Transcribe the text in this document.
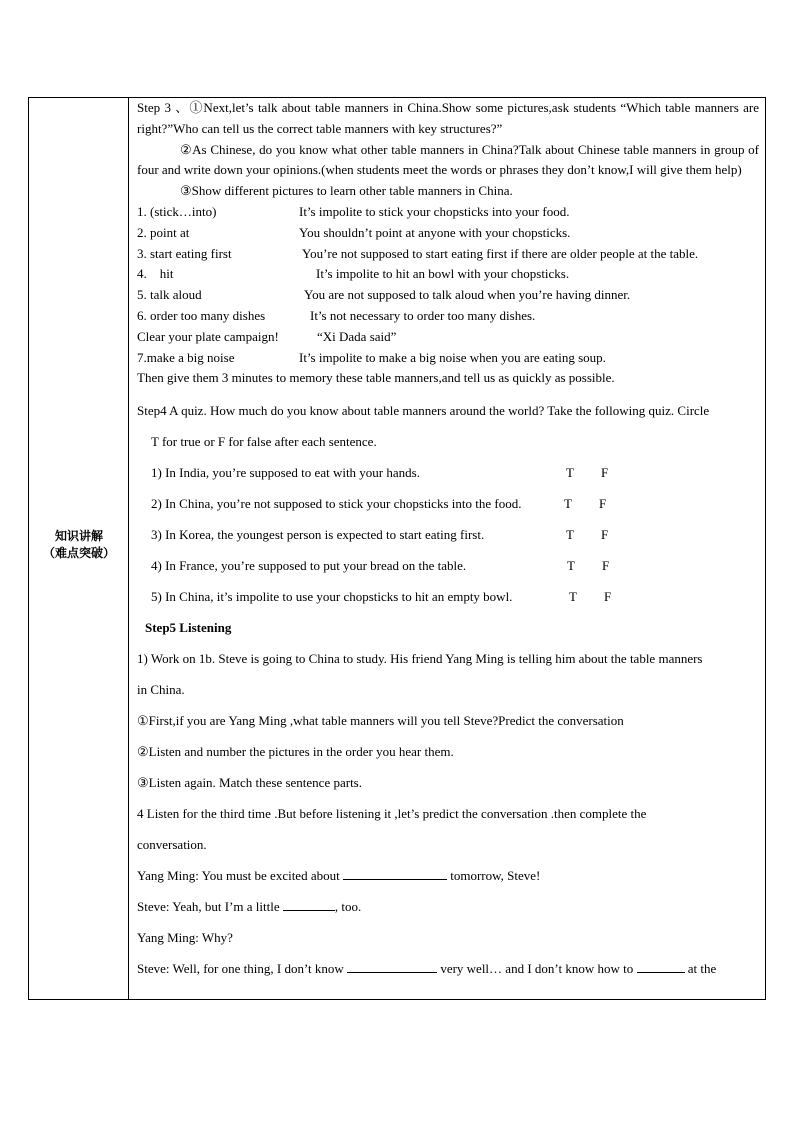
知识讲解
（难点突破）
Step 3 、①Next,let’s talk about table manners in China.Show some pictures,ask students “Which table manners are right?”Who can tell us the correct table manners with key structures?”
②As Chinese, do you know what other table manners in China?Talk about Chinese table manners in group of four and write down your opinions.(when students meet the words or phrases they don’t know,I will give them help)
③Show different pictures to learn other table manners in China.
1. (stick…into)	It’s impolite to stick your chopsticks into your food.
2. point at	You shouldn’t point at anyone with your chopsticks.
3. start eating first	You’re not supposed to start eating first if there are older people at the table.
4.    hit	It’s impolite to hit an bowl with your chopsticks.
5. talk aloud	You are not supposed to talk aloud when you’re having dinner.
6. order too many dishes	It’s not necessary to order too many dishes.
Clear your plate campaign!	“Xi Dada said”
7.make a big noise	It’s impolite to make a big noise when you are eating soup.
Then give them 3 minutes to memory these table manners,and tell us as quickly as possible.
Step4 A quiz. How much do you know about table manners around the world? Take the following quiz. Circle
T for true or F for false after each sentence.
1) In India, you’re supposed to eat with your hands.	T F
2) In China, you’re not supposed to stick your chopsticks into the food.	T F
3) In Korea, the youngest person is expected to start eating first.	T F
4) In France, you’re supposed to put your bread on the table.	T F
5) In China, it’s impolite to use your chopsticks to hit an empty bowl.	T F
Step5 Listening
1) Work on 1b. Steve is going to China to study. His friend Yang Ming is telling him about the table manners
in China.
①First,if you are Yang Ming ,what table manners will you tell Steve?Predict the conversation
②Listen and number the pictures in the order you hear them.
③Listen again. Match these sentence parts.
4 Listen for the third time .But before listening it ,let’s predict the conversation .then complete the
conversation.
Yang Ming: You must be excited about	tomorrow, Steve!
Steve: Yeah, but I’m a little	, too.
Yang Ming: Why?
Steve: Well, for one thing, I don’t know	very well… and I don’t know how to	at the
